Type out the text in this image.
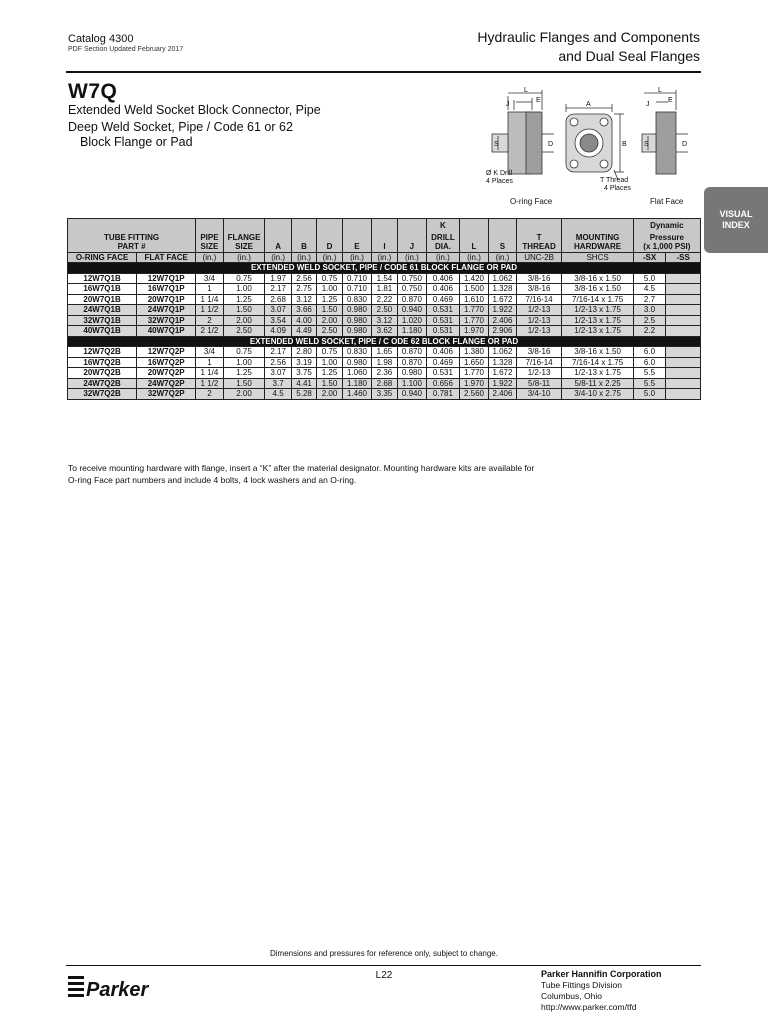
Catalog 4300
PDF Section Updated February 2017
Hydraulic Flanges and Components
and Dual Seal Flanges
W7Q
Extended Weld Socket Block Connector, Pipe
Deep Weld Socket, Pipe / Code 61 or 62
Block Flange or Pad
L
J
E
S	D
A
B
Ø K Drill
4 Places	T Thread
4 Places
L
J
E
S	D
O-ring Face	Flat Face
VISUAL
INDEX
										K					Dynamic	
TUBE FITTING		PIPE	FLANGE							DRILL			T	MOUNTING	Pressure	
PART #		SIZE	SIZE	A	B	D	E	I	J	DIA.	L	S	THREAD	HARDWARE	(x 1,000 PSI)	
O-RING FACE	FLAT FACE	(in.)	(in.)	(in.)	(in.)	(in.)	(in.)	(in.)	(in.)	(in.)	(in.)	(in.)	UNC-2B	SHCS	-SX	-SS
EXTENDED WELD SOCKET, PIPE / CODE 61 BLOCK FLANGE OR PAD																
12W7Q1B	12W7Q1P	3/4	0.75	1.97	2.56	0.75	0.710	1.54	0.750	0.406	1.420	1.062	3/8-16	3/8-16 x 1.50	5.0	
16W7Q1B	16W7Q1P	1	1.00	2.17	2.75	1.00	0.710	1.81	0.750	0.406	1.500	1.328	3/8-16	3/8-16 x 1.50	4.5	
20W7Q1B	20W7Q1P	1 1/4	1.25	2.68	3.12	1.25	0.830	2.22	0.870	0.469	1.610	1.672	7/16-14	7/16-14 x 1.75	2.7	
24W7Q1B	24W7Q1P	1 1/2	1.50	3.07	3.66	1.50	0.980	2.50	0.940	0.531	1.770	1.922	1/2-13	1/2-13 x 1.75	3.0	
32W7Q1B	32W7Q1P	2	2.00	3.54	4.00	2.00	0.980	3.12	1.020	0.531	1.770	2.406	1/2-13	1/2-13 x 1.75	2.5	
40W7Q1B	40W7Q1P	2 1/2	2.50	4.09	4.49	2.50	0.980	3.62	1.180	0.531	1.970	2.906	1/2-13	1/2-13 x 1.75	2.2	
EXTENDED WELD SOCKET, PIPE / C ODE 62 BLOCK FLANGE OR PAD																
12W7Q2B	12W7Q2P	3/4	0.75	2.17	2.80	0.75	0.830	1.65	0.870	0.406	1.380	1.062	3/8-16	3/8-16 x 1.50	6.0	
16W7Q2B	16W7Q2P	1	1.00	2.56	3.19	1.00	0.980	1.98	0.870	0.469	1.650	1.328	7/16-14	7/16-14 x 1.75	6.0	
20W7Q2B	20W7Q2P	1 1/4	1.25	3.07	3.75	1.25	1.060	2.36	0.980	0.531	1.770	1.672	1/2-13	1/2-13 x 1.75	5.5	
24W7Q2B	24W7Q2P	1 1/2	1.50	3.7	4.41	1.50	1.180	2.68	1.100	0.656	1.970	1.922	5/8-11	5/8-11 x 2.25	5.5	
32W7Q2B	32W7Q2P	2	2.00	4.5	5.28	2.00	1.460	3.35	0.940	0.781	2.560	2.406	3/4-10	3/4-10 x 2.75	5.0	
To receive mounting hardware with flange, insert a “K” after the material designator. Mounting hardware kits are available for
O-ring Face part numbers and include 4 bolts, 4 lock washers and an O-ring.
Dimensions and pressures for reference only, subject to change.
L22	Parker Hannifin Corporation
Tube Fittings Division
Columbus, Ohio
http://www.parker.com/tfd
Parker
